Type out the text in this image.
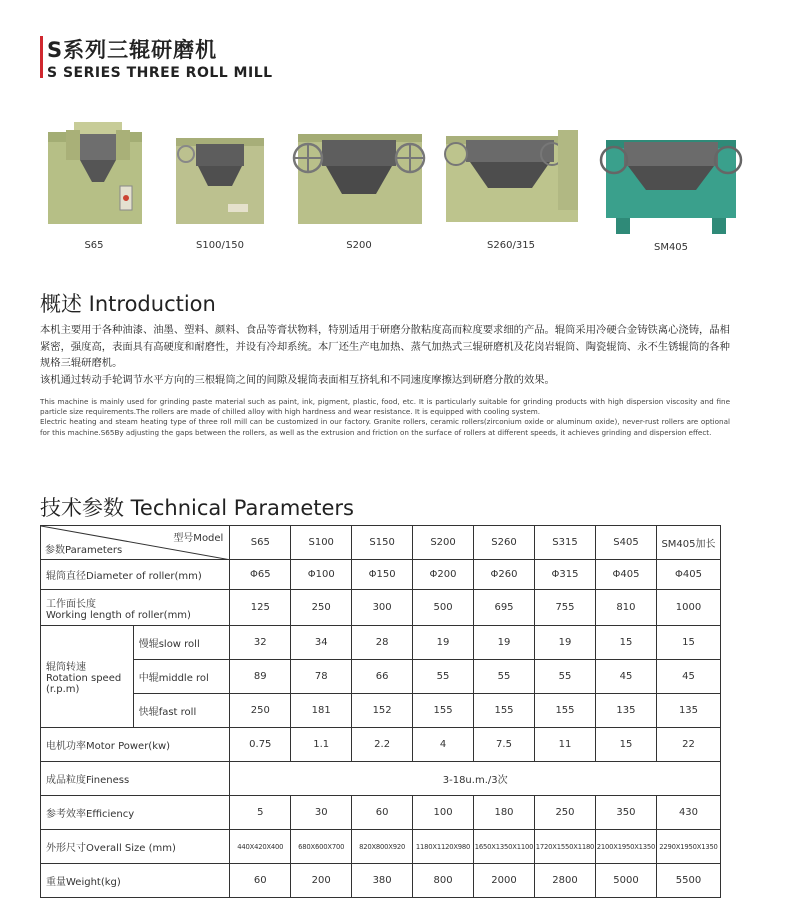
S系列三辊研磨机
S SERIES THREE ROLL MILL
S65	S100/150	S200	S260/315	SM405
概述 Introduction
本机主要用于各种油漆、油墨、塑料、颜料、食品等膏状物料，特别适用于研磨分散粘度高而粒度要求细的产品。辊筒采用冷硬合金铸铁离心浇铸，晶相紧密，强度高，表面具有高硬度和耐磨性，并设有冷却系统。本厂还生产电加热、蒸气加热式三辊研磨机及花岗岩辊筒、陶瓷辊筒、永不生锈辊筒的各种规格三辊研磨机。
该机通过转动手轮调节水平方向的三根辊筒之间的间隙及辊筒表面相互挤轧和不同速度摩擦达到研磨分散的效果。
This machine is mainly used for grinding paste material such as paint, ink, pigment, plastic, food, etc. It is particularly suitable for grinding products with high dispersion viscosity and fine particle size requirements.The rollers are made of chilled alloy with high hardness and wear resistance. It is equipped with cooling system.
Electric heating and steam heating type of three roll mill can be customized in our factory. Granite rollers, ceramic rollers(zirconium oxide or aluminum oxide), never-rust rollers are optional for this machine.S65By adjusting the gaps between the rollers, as well as the extrusion and friction on the surface of rollers at different speeds, it achieves grinding and dispersion effect.
技术参数 Technical Parameters
型号Model
参数Parameters		S65	S100	S150	S200	S260	S315	S405	SM405加长
辊筒直径Diameter of roller(mm)		Φ65	Φ100	Φ150	Φ200	Φ260	Φ315	Φ405	Φ405

工作面长度
Working length of roller(mm)		125	250	300	500	695	755	810	1000

辊筒转速
Rotation speed
(r.p.m)	慢辊slow roll	32	34	28	19	19	19	15	15
	中辊middle rol	89	78	66	55	55	55	45	45
	快辊fast roll	250	181	152	155	155	155	135	135
电机功率Motor Power(kw)		0.75	1.1	2.2	4	7.5	11	15	22
成品粒度Fineness		3-18u.m./3次							
参考效率Efficiency		5	30	60	100	180	250	350	430
外形尺寸Overall Size (mm)		440X420X400	680X600X700	820X800X920	1180X1120X980	1650X1350X1100	1720X1550X1180	2100X1950X1350	2290X1950X1350
重量Weight(kg)		60	200	380	800	2000	2800	5000	5500
